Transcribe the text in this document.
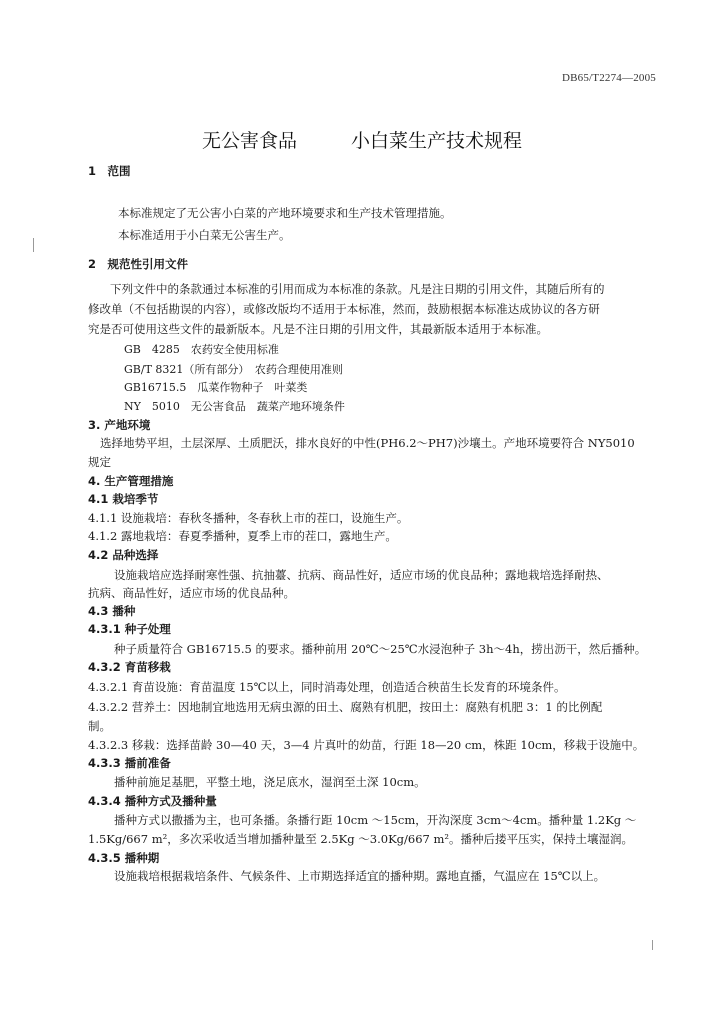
DB65/T2274—2005
无公害食品	小白菜生产技术规程
1　范围
本标准规定了无公害小白菜的产地环境要求和生产技术管理措施。
本标准适用于小白菜无公害生产。
2　规范性引用文件
下列文件中的条款通过本标准的引用而成为本标准的条款。凡是注日期的引用文件，其随后所有的
修改单（不包括勘误的内容），或修改版均不适用于本标准，然而，鼓励根据本标准达成协议的各方研
究是否可使用这些文件的最新版本。凡是不注日期的引用文件，其最新版本适用于本标准。
GB　4285　农药安全使用标准
GB/T 8321（所有部分）　农药合理使用准则
GB16715.5　瓜菜作物种子　叶菜类
NY　5010　无公害食品　蔬菜产地环境条件
3. 产地环境
选择地势平坦，土层深厚、土质肥沃，排水良好的中性(PH6.2～PH7)沙壤土。产地环境要符合 NY5010
规定
4. 生产管理措施
4.1 栽培季节
4.1.1 设施栽培：春秋冬播种，冬春秋上市的茬口，设施生产。
4.1.2 露地栽培：春夏季播种，夏季上市的茬口，露地生产。
4.2 品种选择
设施栽培应选择耐寒性强、抗抽薹、抗病、商品性好，适应市场的优良品种；露地栽培选择耐热、
抗病、商品性好，适应市场的优良品种。
4.3 播种
4.3.1 种子处理
种子质量符合 GB16715.5 的要求。播种前用 20℃～25℃水浸泡种子 3h～4h，捞出沥干，然后播种。
4.3.2 育苗移栽
4.3.2.1 育苗设施：育苗温度 15℃以上，同时消毒处理，创造适合秧苗生长发育的环境条件。
4.3.2.2 营养土：因地制宜地选用无病虫源的田土、腐熟有机肥，按田土：腐熟有机肥 3：1 的比例配
制。
4.3.2.3 移栽：选择苗龄 30—40 天，3—4 片真叶的幼苗，行距 18—20 cm，株距 10cm，移栽于设施中。
4.3.3 播前准备
播种前施足基肥，平整土地，浇足底水，湿润至土深 10cm。
4.3.4 播种方式及播种量
播种方式以撒播为主，也可条播。条播行距 10cm ～15cm，开沟深度 3cm～4cm。播种量 1.2Kg ～
1.5Kg/667 m²，多次采收适当增加播种量至 2.5Kg ～3.0Kg/667 m²。播种后搂平压实，保持土壤湿润。
4.3.5 播种期
设施栽培根据栽培条件、气候条件、上市期选择适宜的播种期。露地直播，气温应在 15℃以上。
